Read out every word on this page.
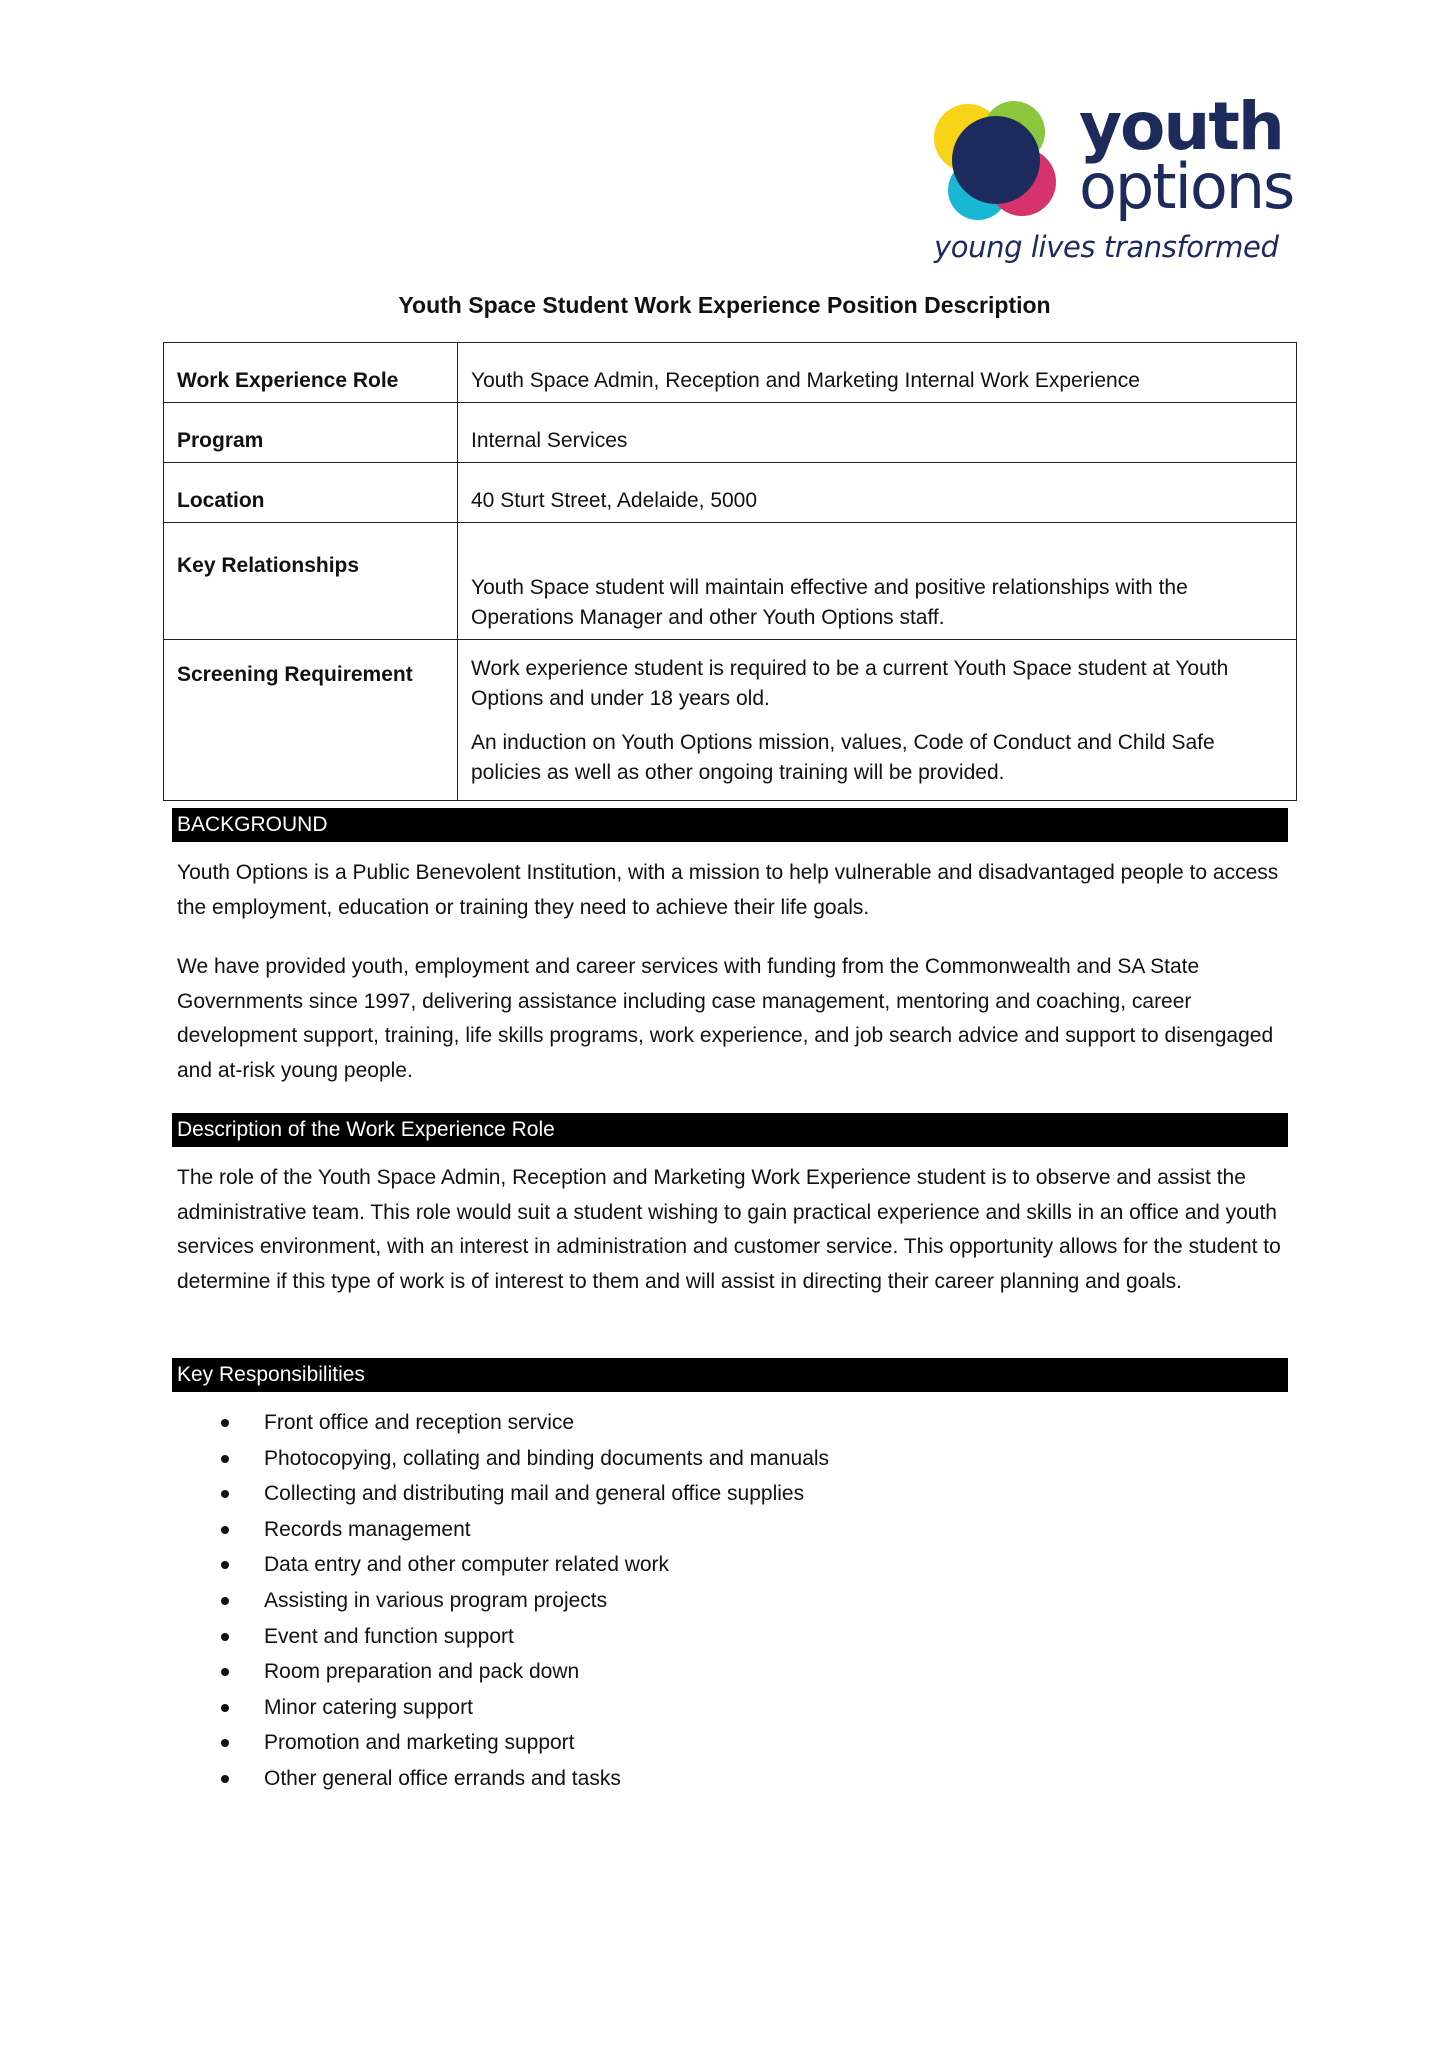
youth
options
young lives transformed
Youth Space Student Work Experience Position Description
Work Experience Role	Youth Space Admin, Reception and Marketing Internal Work Experience

Program	Internal Services

Location	40 Sturt Street, Adelaide, 5000

Key Relationships	Youth Space student will maintain effective and positive relationships with the Operations Manager and other Youth Options staff.

Screening Requirement	Work experience student is required to be a current Youth Space student at Youth Options and under 18 years old.

An induction on Youth Options mission, values, Code of Conduct and Child Safe policies as well as other ongoing training will be provided.

BACKGROUND

Youth Options is a Public Benevolent Institution, with a mission to help vulnerable and disadvantaged people to access the employment, education or training they need to achieve their life goals.

We have provided youth, employment and career services with funding from the Commonwealth and SA State Governments since 1997, delivering assistance including case management, mentoring and coaching, career development support, training, life skills programs, work experience, and job search advice and support to disengaged and at-risk young people.

Description of the Work Experience Role

The role of the Youth Space Admin, Reception and Marketing Work Experience student is to observe and assist the administrative team. This role would suit a student wishing to gain practical experience and skills in an office and youth services environment, with an interest in administration and customer service. This opportunity allows for the student to determine if this type of work is of interest to them and will assist in directing their career planning and goals.

Key Responsibilities
Front office and reception service
Photocopying, collating and binding documents and manuals
Collecting and distributing mail and general office supplies
Records management
Data entry and other computer related work
Assisting in various program projects
Event and function support
Room preparation and pack down
Minor catering support
Promotion and marketing support
Other general office errands and tasks
